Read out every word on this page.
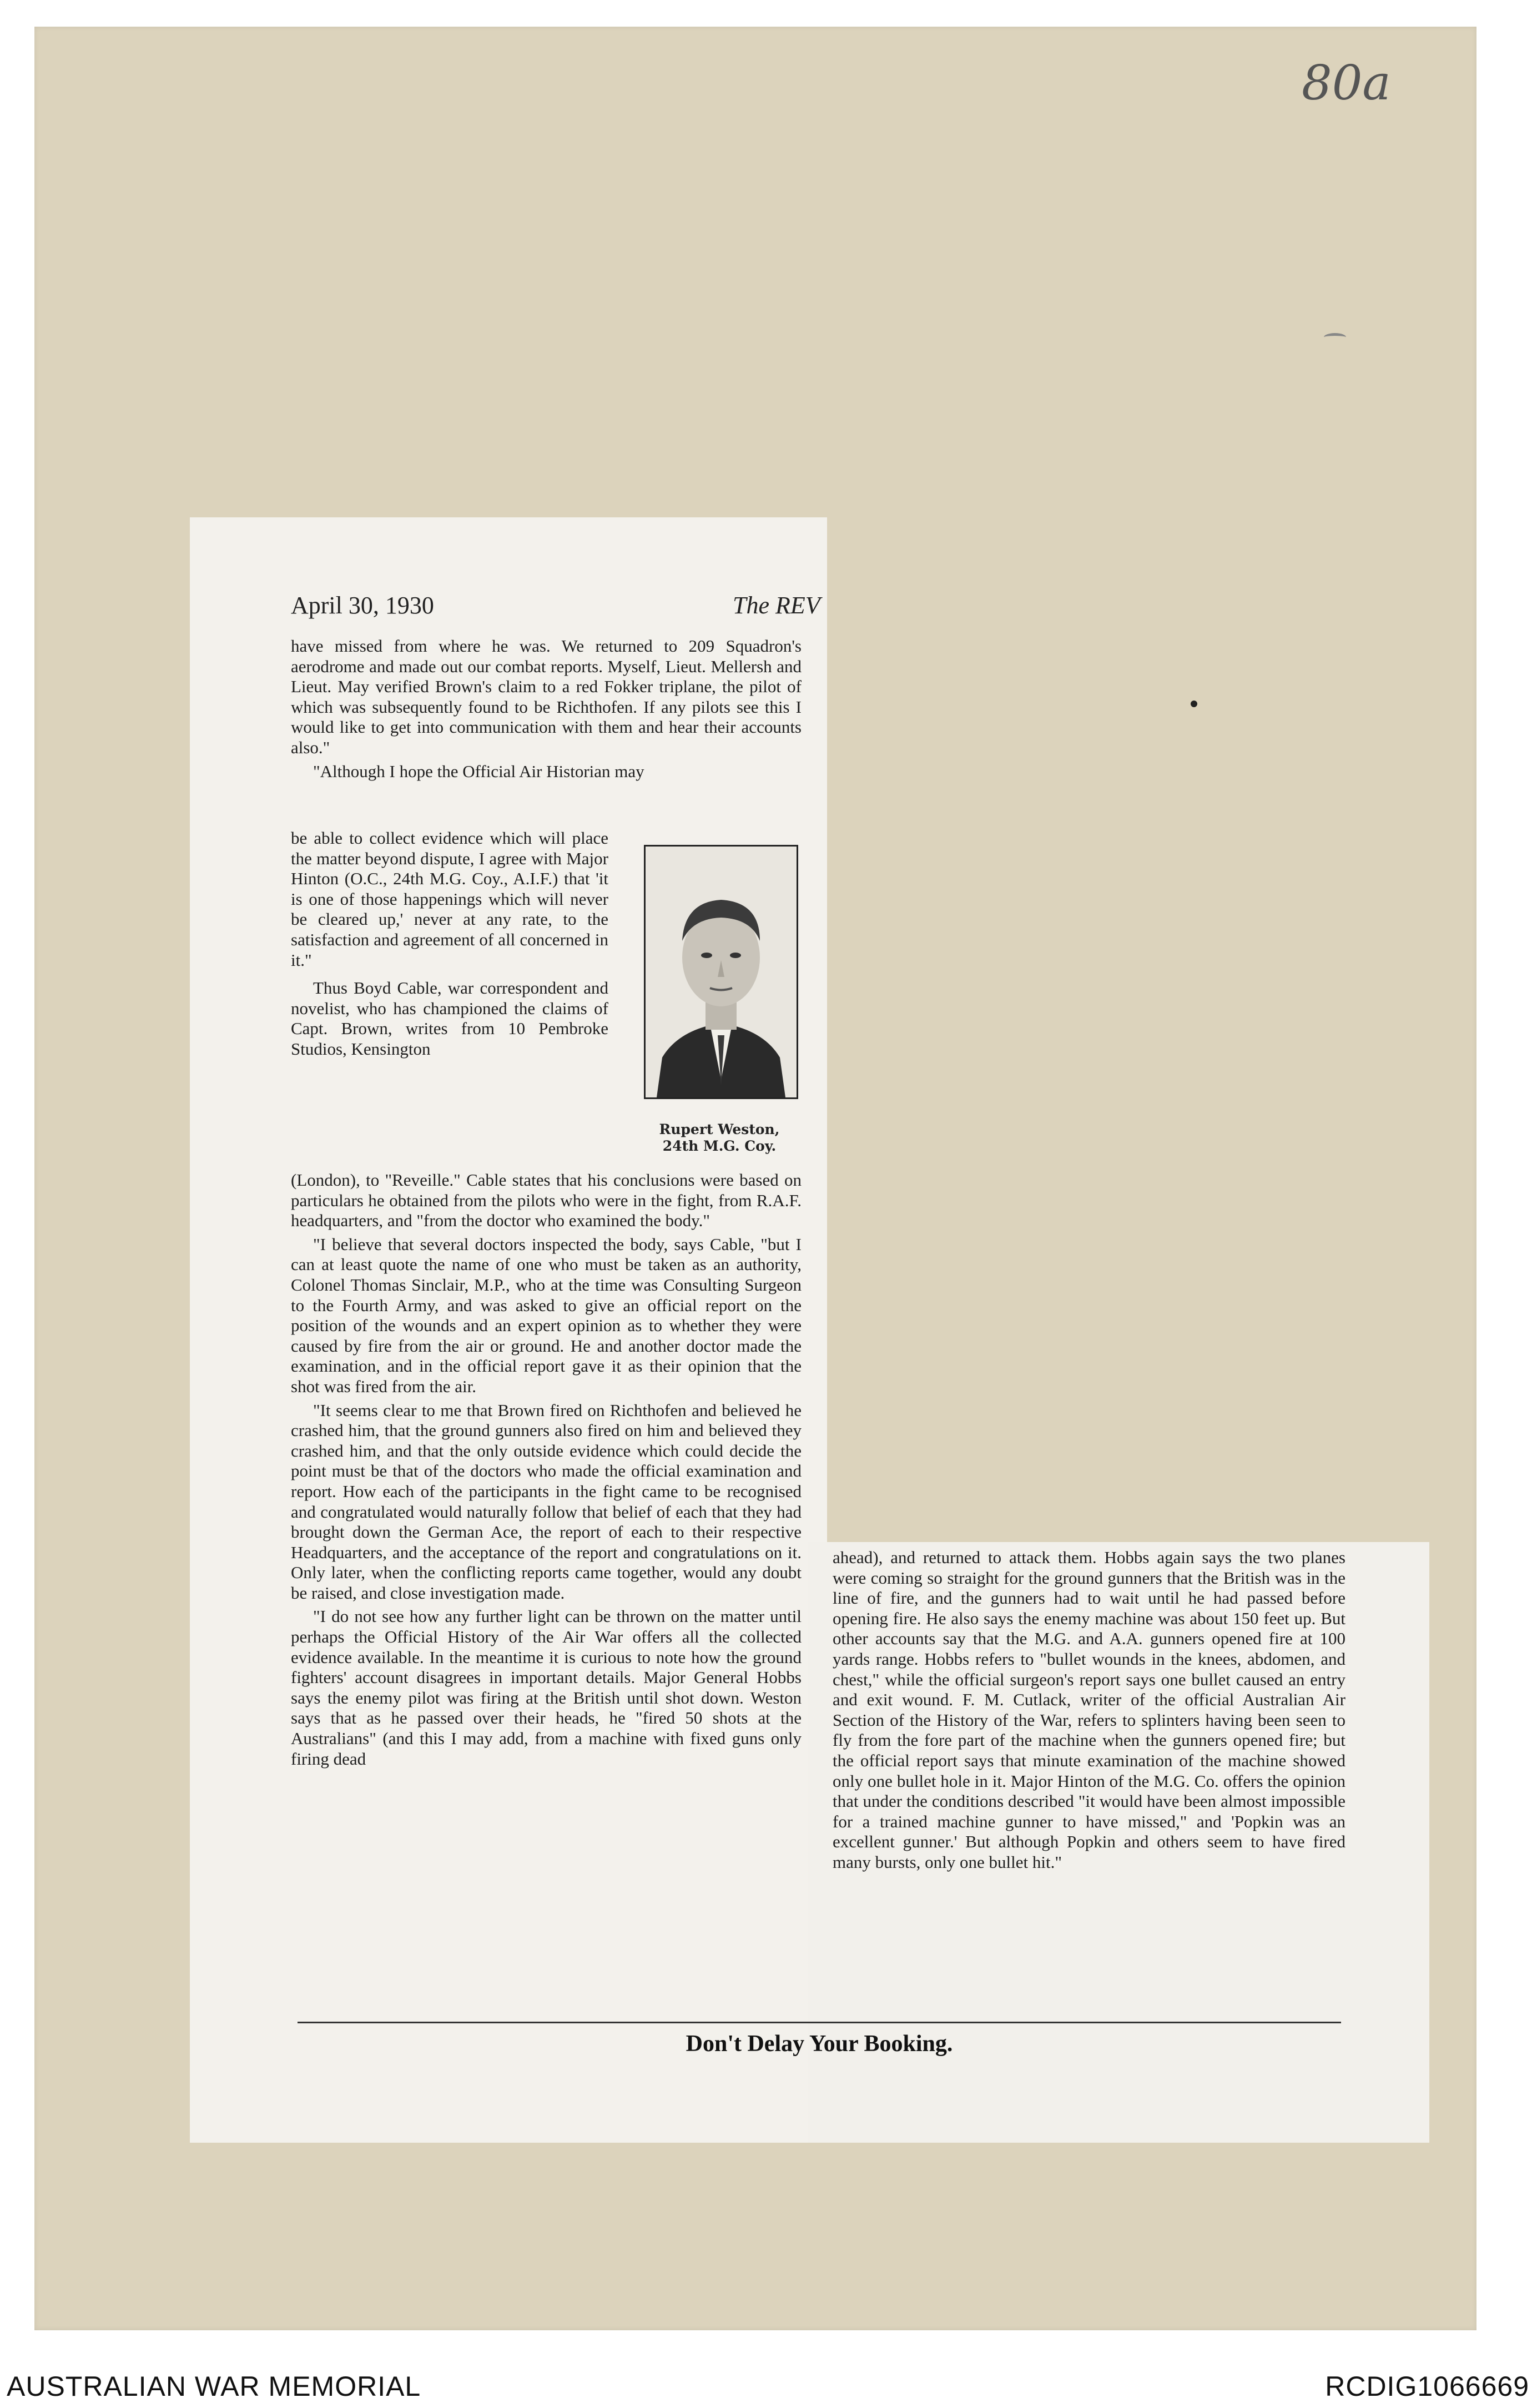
80a
April 30, 1930	The REV

have missed from where he was. We returned to 209 Squadron's aerodrome and made out our combat reports. Myself, Lieut. Mellersh and Lieut. May verified Brown's claim to a red Fokker triplane, the pilot of which was subsequently found to be Richthofen. If any pilots see this I would like to get into communication with them and hear their accounts also."

"Although I hope the Official Air Historian may

be able to collect evidence which will place the matter beyond dispute, I agree with Major Hinton (O.C., 24th M.G. Coy., A.I.F.) that 'it is one of those happenings which will never be cleared up,' never at any rate, to the satisfaction and agreement of all concerned in it."

Thus Boyd Cable, war correspondent and novelist, who has championed the claims of Capt. Brown, writes from 10 Pembroke Studios, Kensington

Rupert Weston,
24th M.G. Coy.

(London), to "Reveille." Cable states that his conclusions were based on particulars he obtained from the pilots who were in the fight, from R.A.F. headquarters, and "from the doctor who examined the body."

"I believe that several doctors inspected the body, says Cable, "but I can at least quote the name of one who must be taken as an authority, Colonel Thomas Sinclair, M.P., who at the time was Consulting Surgeon to the Fourth Army, and was asked to give an official report on the position of the wounds and an expert opinion as to whether they were caused by fire from the air or ground. He and another doctor made the examination, and in the official report gave it as their opinion that the shot was fired from the air.

"It seems clear to me that Brown fired on Richthofen and believed he crashed him, that the ground gunners also fired on him and believed they crashed him, and that the only outside evidence which could decide the point must be that of the doctors who made the official examination and report. How each of the participants in the fight came to be recognised and congratulated would naturally follow that belief of each that they had brought down the German Ace, the report of each to their respective Headquarters, and the acceptance of the report and congratulations on it. Only later, when the conflicting reports came together, would any doubt be raised, and close investigation made.

"I do not see how any further light can be thrown on the matter until perhaps the Official History of the Air War offers all the collected evidence available. In the meantime it is curious to note how the ground fighters' account disagrees in important details. Major General Hobbs says the enemy pilot was firing at the British until shot down. Weston says that as he passed over their heads, he "fired 50 shots at the Australians" (and this I may add, from a machine with fixed guns only firing dead

ahead), and returned to attack them. Hobbs again says the two planes were coming so straight for the ground gunners that the British was in the line of fire, and the gunners had to wait until he had passed before opening fire. He also says the enemy machine was about 150 feet up. But other accounts say that the M.G. and A.A. gunners opened fire at 100 yards range. Hobbs refers to "bullet wounds in the knees, abdomen, and chest," while the official surgeon's report says one bullet caused an entry and exit wound. F. M. Cutlack, writer of the official Australian Air Section of the History of the War, refers to splinters having been seen to fly from the fore part of the machine when the gunners opened fire; but the official report says that minute examination of the machine showed only one bullet hole in it. Major Hinton of the M.G. Co. offers the opinion that under the conditions described "it would have been almost impossible for a trained machine gunner to have missed," and 'Popkin was an excellent gunner.' But although Popkin and others seem to have fired many bursts, only one bullet hit."

Don't Delay Your Booking.
AUSTRALIAN WAR MEMORIAL	RCDIG1066669
